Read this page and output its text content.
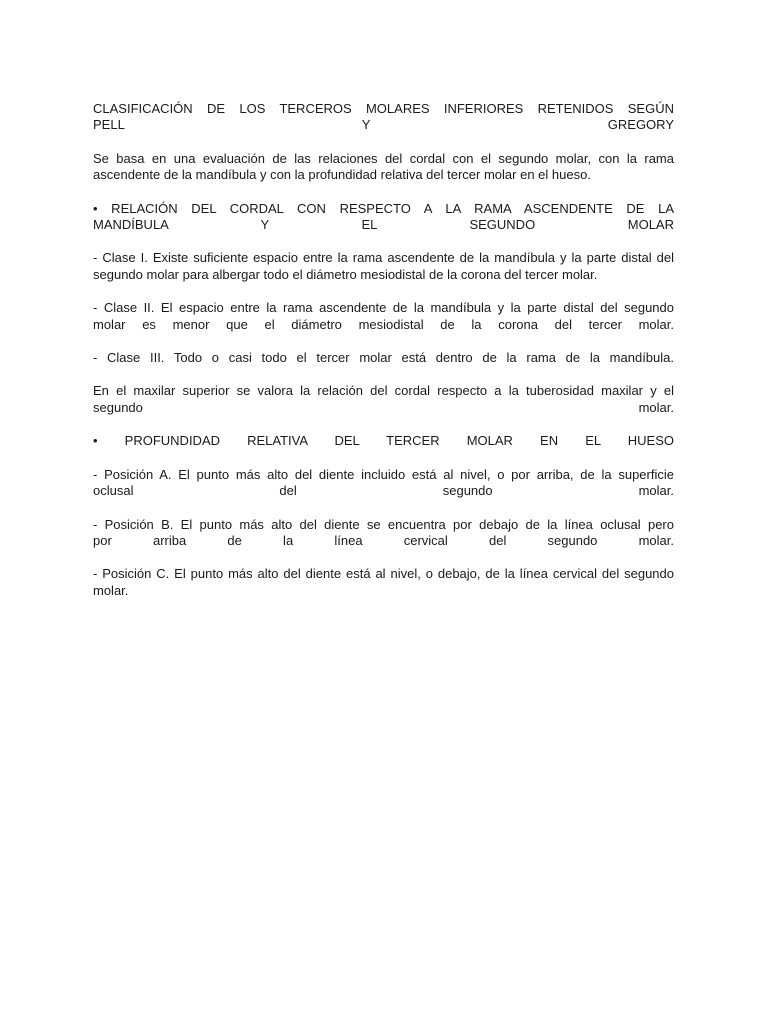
CLASIFICACIÓN DE LOS TERCEROS MOLARES INFERIORES RETENIDOS SEGÚN
PELL Y GREGORY

Se basa en una evaluación de las relaciones del cordal con el segundo molar, con la rama ascendente de la mandíbula y con la profundidad relativa del tercer molar en el hueso.

• RELACIÓN DEL CORDAL CON RESPECTO A LA RAMA ASCENDENTE DE LA
MANDÍBULA Y EL SEGUNDO MOLAR

- Clase I. Existe suficiente espacio entre la rama ascendente de la mandíbula y la parte distal del segundo molar para albergar todo el diámetro mesiodistal de la corona del tercer molar.

- Clase II. El espacio entre la rama ascendente de la mandíbula y la parte distal del segundo
molar es menor que el diámetro mesiodistal de la corona del tercer molar.

- Clase III. Todo o casi todo el tercer molar está dentro de la rama de la mandíbula.

En el maxilar superior se valora la relación del cordal respecto a la tuberosidad maxilar y el
segundo molar.

• PROFUNDIDAD RELATIVA DEL TERCER MOLAR EN EL HUESO

- Posición A. El punto más alto del diente incluido está al nivel, o por arriba, de la superficie
oclusal del segundo molar.

- Posición B. El punto más alto del diente se encuentra por debajo de la línea oclusal pero
por arriba de la línea cervical del segundo molar.

- Posición C. El punto más alto del diente está al nivel, o debajo, de la línea cervical del segundo molar.
